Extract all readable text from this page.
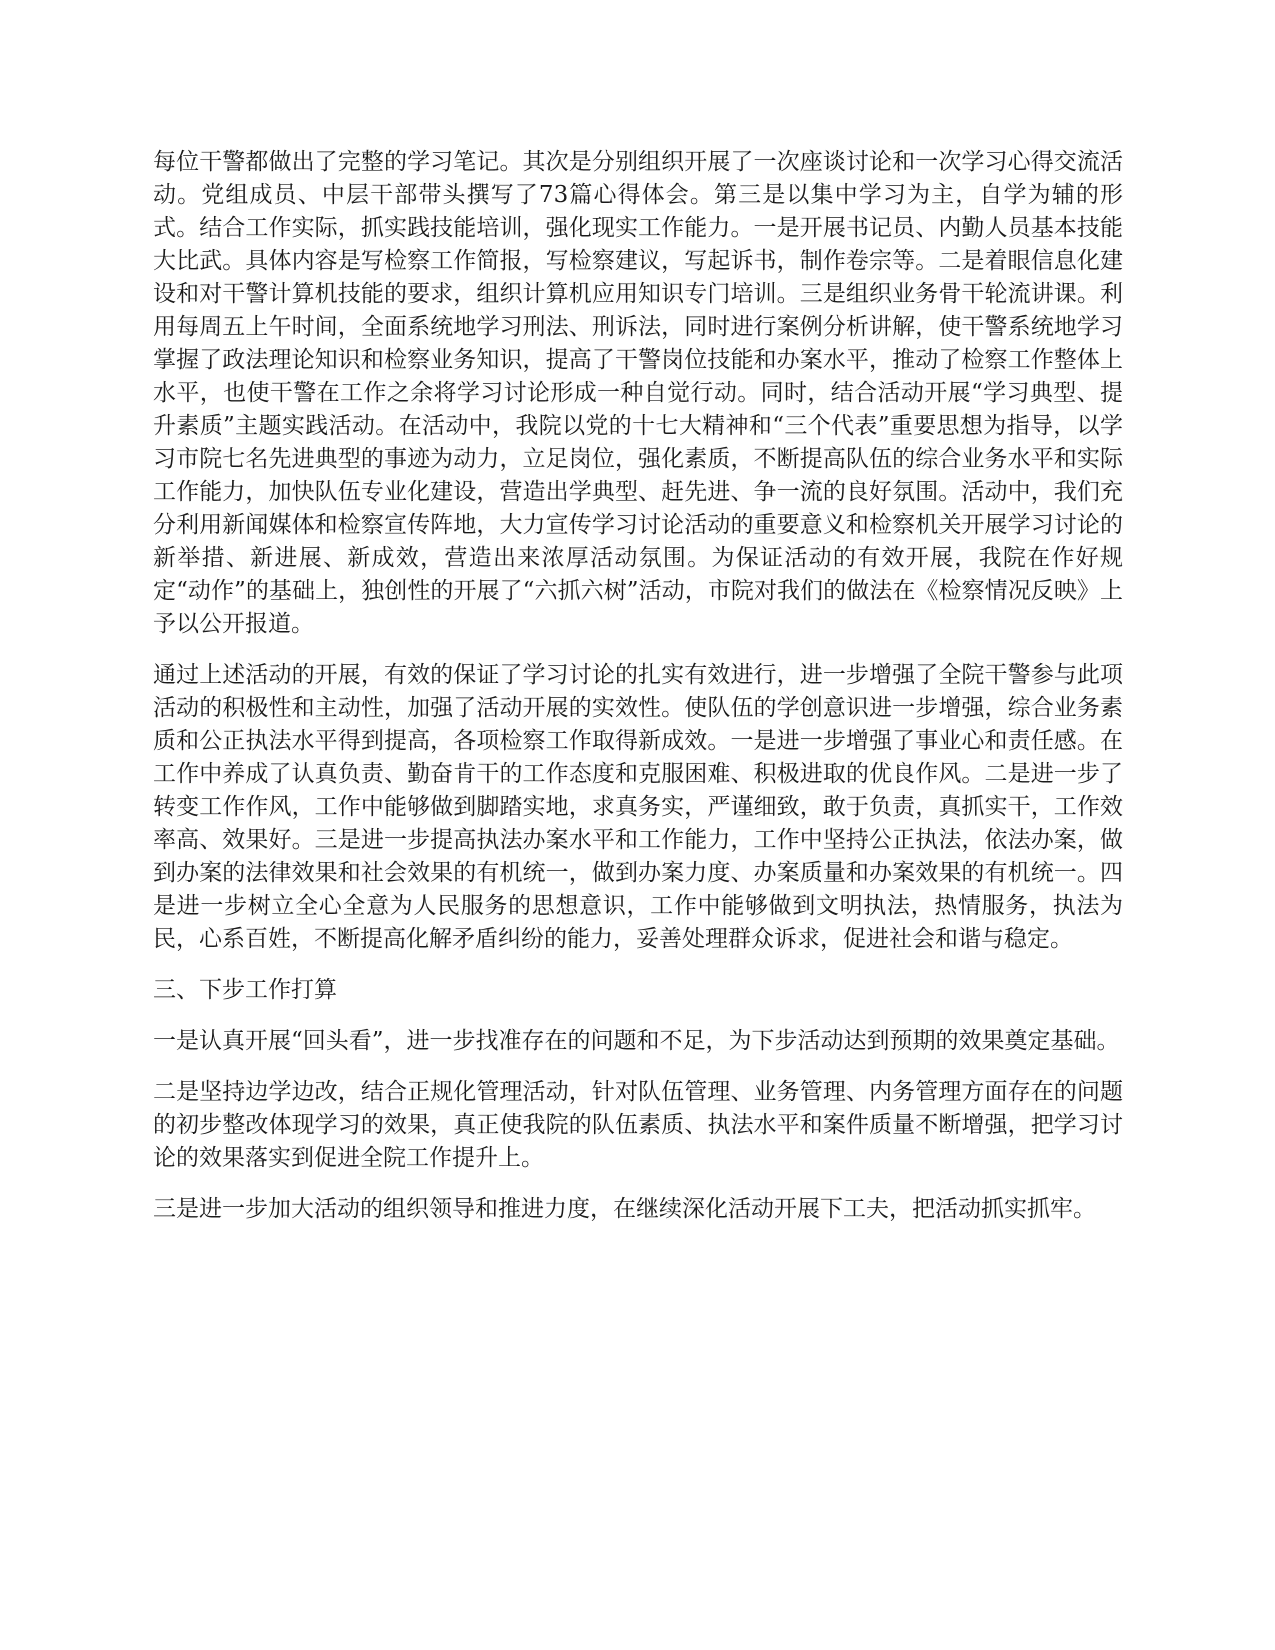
每位干警都做出了完整的学习笔记。其次是分别组织开展了一次座谈讨论和一次学习心得交流活动。党组成员、中层干部带头撰写了73篇心得体会。第三是以集中学习为主，自学为辅的形式。结合工作实际，抓实践技能培训，强化现实工作能力。一是开展书记员、内勤人员基本技能大比武。具体内容是写检察工作简报，写检察建议，写起诉书，制作卷宗等。二是着眼信息化建设和对干警计算机技能的要求，组织计算机应用知识专门培训。三是组织业务骨干轮流讲课。利用每周五上午时间，全面系统地学习刑法、刑诉法，同时进行案例分析讲解，使干警系统地学习掌握了政法理论知识和检察业务知识，提高了干警岗位技能和办案水平，推动了检察工作整体上水平，也使干警在工作之余将学习讨论形成一种自觉行动。同时，结合活动开展“学习典型、提升素质”主题实践活动。在活动中，我院以党的十七大精神和“三个代表”重要思想为指导，以学习市院七名先进典型的事迹为动力，立足岗位，强化素质，不断提高队伍的综合业务水平和实际工作能力，加快队伍专业化建设，营造出学典型、赶先进、争一流的良好氛围。活动中，我们充分利用新闻媒体和检察宣传阵地，大力宣传学习讨论活动的重要意义和检察机关开展学习讨论的新举措、新进展、新成效，营造出来浓厚活动氛围。为保证活动的有效开展，我院在作好规定“动作”的基础上，独创性的开展了“六抓六树”活动，市院对我们的做法在《检察情况反映》上予以公开报道。

通过上述活动的开展，有效的保证了学习讨论的扎实有效进行，进一步增强了全院干警参与此项活动的积极性和主动性，加强了活动开展的实效性。使队伍的学创意识进一步增强，综合业务素质和公正执法水平得到提高，各项检察工作取得新成效。一是进一步增强了事业心和责任感。在工作中养成了认真负责、勤奋肯干的工作态度和克服困难、积极进取的优良作风。二是进一步了转变工作作风，工作中能够做到脚踏实地，求真务实，严谨细致，敢于负责，真抓实干，工作效率高、效果好。三是进一步提高执法办案水平和工作能力，工作中坚持公正执法，依法办案，做到办案的法律效果和社会效果的有机统一，做到办案力度、办案质量和办案效果的有机统一。四是进一步树立全心全意为人民服务的思想意识，工作中能够做到文明执法，热情服务，执法为民，心系百姓，不断提高化解矛盾纠纷的能力，妥善处理群众诉求，促进社会和谐与稳定。

三、下步工作打算

一是认真开展“回头看”，进一步找准存在的问题和不足，为下步活动达到预期的效果奠定基础。

二是坚持边学边改，结合正规化管理活动，针对队伍管理、业务管理、内务管理方面存在的问题的初步整改体现学习的效果，真正使我院的队伍素质、执法水平和案件质量不断增强，把学习讨论的效果落实到促进全院工作提升上。

三是进一步加大活动的组织领导和推进力度，在继续深化活动开展下工夫，把活动抓实抓牢。
